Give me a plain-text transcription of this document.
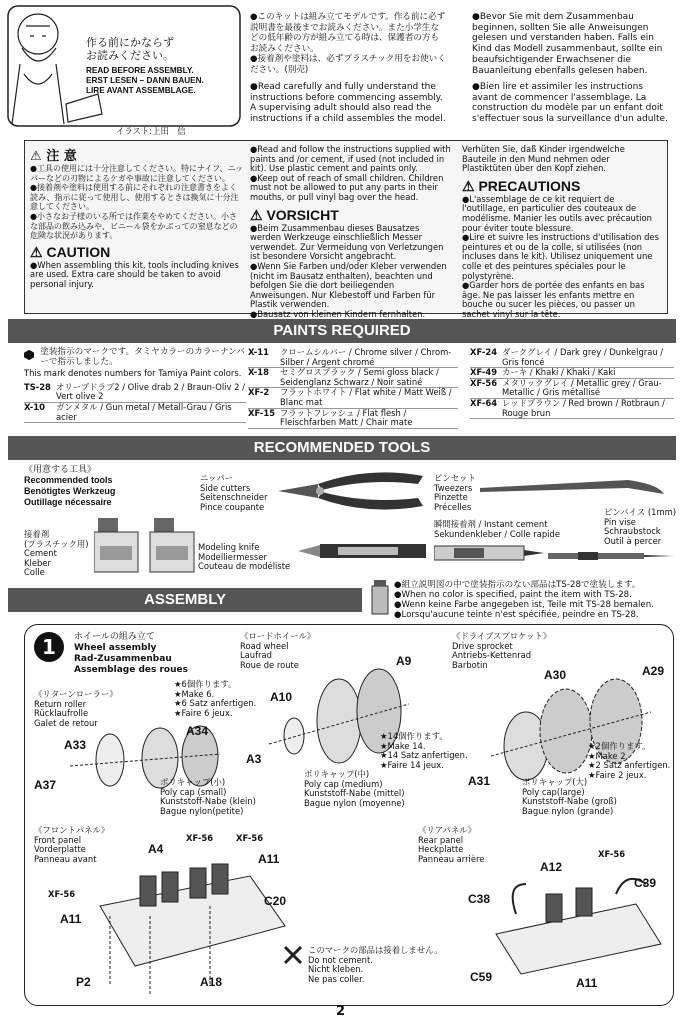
作る前にかならず
お読みください。
READ BEFORE ASSEMBLY.
ERST LESEN – DANN BAUEN.
LIRE AVANT ASSEMBLAGE.
イラスト:上田　信
●このキットは組み立てモデルです。作る前に必ず説明書を最後までお読みください。また小学生などの低年齢の方が組み立てる時は、保護者の方もお読みください。
●接着剤や塗料は、必ずプラスチック用をお使いください。(別売)
●Read carefully and fully understand the instructions before commencing assembly. A supervising adult should also read the instructions if a child assembles the model.
●Bevor Sie mit dem Zusammenbau beginnen, sollten Sie alle Anweisungen gelesen und verstanden haben. Falls ein Kind das Modell zusammenbaut, sollte ein beaufsichtigender Erwachsener die Bauanleitung ebenfalls gelesen haben.
●Bien lire et assimiler les instructions avant de commencer l'assemblage. La construction du modèle par un enfant doit s'effectuer sous la surveillance d'un adulte.
⚠ 注 意
●工具の使用には十分注意してください。特にナイフ、ニッパーなどの刃物によるケガや事故に注意してください。
●接着剤や塗料は使用する前にそれぞれの注意書きをよく読み、指示に従って使用し、使用するときは換気に十分注意してください。
●小さなお子様のいる所では作業をやめてください。小さな部品の飲み込みや、ビニール袋をかぶっての窒息などの危険な状況があります。
⚠ CAUTION
●When assembling this kit, tools including knives are used. Extra care should be taken to avoid personal injury.
●Read and follow the instructions supplied with paints and /or cement, if used (not included in kit). Use plastic cement and paints only.
●Keep out of reach of small children. Children must not be allowed to put any parts in their mouths, or pull vinyl bag over the head.
⚠ VORSICHT
●Beim Zusammenbau dieses Bausatzes werden Werkzeuge einschließlich Messer verwendet. Zur Vermeidung von Verletzungen ist besondere Vorsicht angebracht.
●Wenn Sie Farben und/oder Kleber verwenden (nicht im Bausatz enthalten), beachten und befolgen Sie die dort beiliegenden Anweisungen. Nur Klebestoff und Farben für Plastik verwenden.
●Bausatz von kleinen Kindern fernhalten.
Verhüten Sie, daß Kinder irgendwelche Bauteile in den Mund nehmen oder Plastiktüten über den Kopf ziehen.
⚠ PRECAUTIONS
●L'assemblage de ce kit requiert de l'outillage, en particulier des couteaux de modélisme. Manier les outils avec précaution pour éviter toute blessure.
●Lire et suivre les instructions d'utilisation des peintures et ou de la colle, si utilisées (non incluses dans le kit). Utilisez uniquement une colle et des peintures spéciales pour le polystyrène.
●Garder hors de portée des enfants en bas âge. Ne pas laisser les enfants mettre en bouche ou sucer les pièces, ou passer un sachet vinyl sur la tête.
PAINTS REQUIRED
塗装指示のマークです。タミヤカラーのカラーナンバーで指示しました。
This mark denotes numbers for Tamiya Paint colors.
TS-28 オリーブドラブ2 / Olive drab 2 / Braun-Oliv 2 / Vert olive 2
X-10	ガンメタル / Gun metal / Metall-Grau / Gris acier
X-11	クロームシルバー / Chrome silver / Chrom-Silber / Argent chromé
X-18	セミグロスブラック / Semi gloss black / Seidenglanz Schwarz / Noir satiné
XF-2	フラットホワイト / Flat white / Matt Weiß / Blanc mat
XF-15 フラットフレッシュ / Flat flesh / Fleischfarben Matt / Chair mate
XF-24 ダークグレイ / Dark grey / Dunkelgrau / Gris foncé
XF-49 カーキ / Khaki / Khaki / Kaki
XF-56 メタリックグレイ / Metallic grey / Grau-Metallic / Gris métallisé
XF-64 レッドブラウン / Red brown / Rotbraun / Rouge brun
RECOMMENDED TOOLS
《用意する工具》
Recommended tools
Benötigtes Werkzeug
Outillage nécessaire
ニッパー
Side cutters
Seitenschneider
Pince coupante
ピンセット
Tweezers
Pinzette
Précelles
接着剤
(プラスチック用)
Cement
Kleber
Colle
Modeling knife
Modelliermesser
Couteau de modéliste
瞬間接着剤 / Instant cement
Sekundenkleber / Colle rapide
ピンバイス (1mm)
Pin vise
Schraubstock
Outil à percer
ASSEMBLY
●組立説明図の中で塗装指示のない部品はTS-28で塗装します。
●When no color is specified, paint the item with TS-28.
●Wenn keine Farbe angegeben ist, Teile mit TS-28 bemalen.
●Lorsqu'aucune teinte n'est spécifiée, peindre en TS-28.
1	ホイールの組み立て
Wheel assembly
Rad-Zusammenbau
Assemblage des roues
《リターンローラー》
Return roller
Rücklaufrolle
Galet de retour
★6個作ります。
★Make 6.
★6 Satz anfertigen.
★Faire 6 jeux.
A33
A34
A37	ポリキャップ(小)
Poly cap (small)
Kunststoff-Nabe (klein)
Bague nylon(petite)
《ロードホイール》
Road wheel
Laufrad
Roue de route	A9
A10
A3
★14個作ります。
★Make 14.
★14 Satz anfertigen.
★Faire 14 jeux.
ポリキャップ(中)
Poly cap (medium)
Kunststoff-Nabe (mittel)
Bague nylon (moyenne)
《ドライブスプロケット》
Drive sprocket
Antriebs-Kettenrad
Barbotin
A30	A29
A31
★2個作ります。
★Make 2.
★2 Satz anfertigen.
★Faire 2 jeux.
ポリキャップ(大)
Poly cap(large)
Kunststoff-Nabe (groß)
Bague nylon (grande)
《フロントパネル》
Front panel
Vorderplatte
Panneau avant
A4
A11
A11
C20
P2	A18
XF-56	XF-56
XF-56
このマークの部品は接着しません。
Do not cement.
Nicht kleben.
Ne pas coller.
《リアパネル》
Rear panel
Heckplatte
Panneau arrière
A12
C38
C39
C59	A11
XF-56
2
